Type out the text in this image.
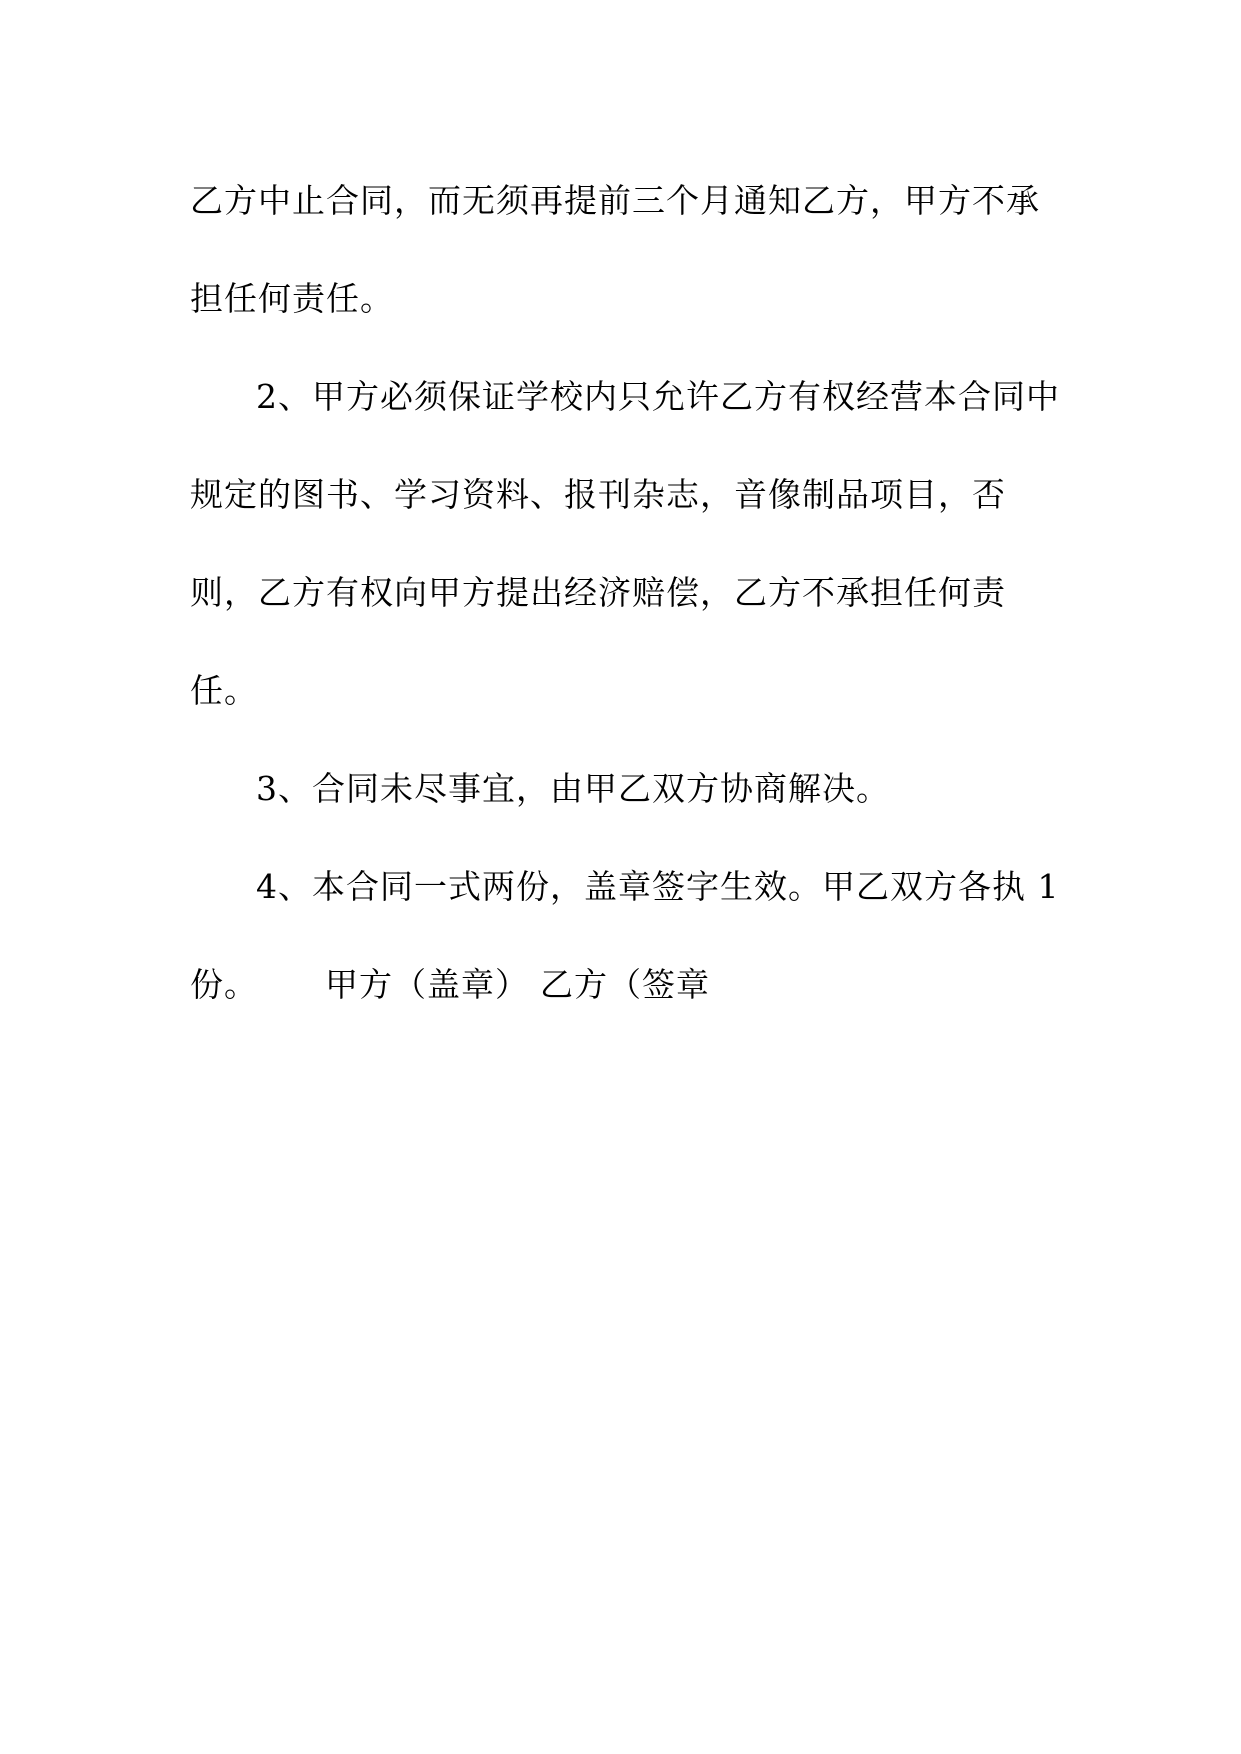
乙方中止合同，而无须再提前三个月通知乙方，甲方不承
担任何责任。
2、甲方必须保证学校内只允许乙方有权经营本合同中
规定的图书、学习资料、报刊杂志，音像制品项目，否
则，乙方有权向甲方提出经济赔偿，乙方不承担任何责
任。
3、合同未尽事宜，由甲乙双方协商解决。
4、本合同一式两份，盖章签字生效。甲乙双方各执 1
份。 甲方（盖章） 乙方（签章
